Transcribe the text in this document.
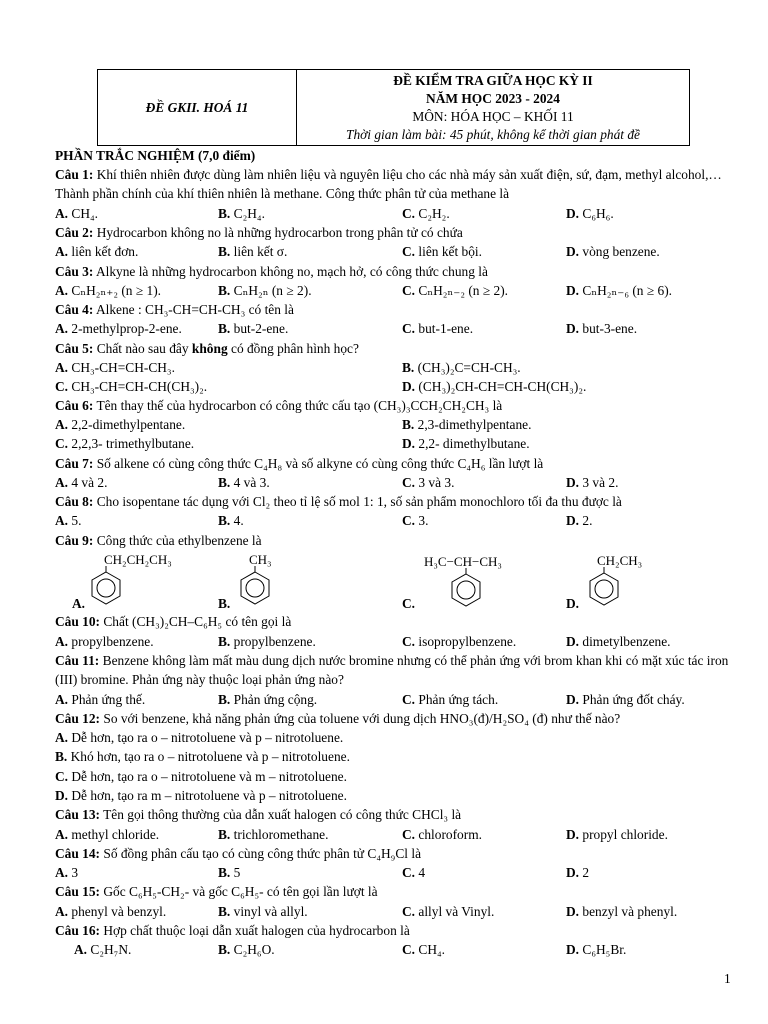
ĐỀ GKII. HOÁ 11	
ĐỀ KIỂM TRA GIỮA HỌC KỲ II
NĂM HỌC 2023 - 2024
MÔN: HÓA HỌC – KHỐI 11
Thời gian làm bài: 45 phút, không kể thời gian phát đề
PHẦN TRẮC NGHIỆM (7,0 điểm)
Câu 1: Khí thiên nhiên được dùng làm nhiên liệu và nguyên liệu cho các nhà máy sản xuất điện, sứ, đạm, methyl alcohol,…Thành phần chính của khí thiên nhiên là methane. Công thức phân tử của methane là
A. CH₄.	B. C₂H₄.	C. C₂H₂.	D. C₆H₆.
Câu 2: Hydrocarbon không no là những hydrocarbon trong phân tử có chứa
A. liên kết đơn.	B. liên kết σ.	C. liên kết bội.	D. vòng benzene.
Câu 3: Alkyne là những hydrocarbon không no, mạch hở, có công thức chung là
A. CₙH₂ₙ₊₂ (n ≥ 1).	B. CₙH₂ₙ (n ≥ 2).	C. CₙH₂ₙ₋₂ (n ≥ 2).	D. CₙH₂ₙ₋₆ (n ≥ 6).
Câu 4: Alkene : CH₃-CH=CH-CH₃ có tên là
A. 2-methylprop-2-ene.	B. but-2-ene.	C. but-1-ene.	D. but-3-ene.
Câu 5: Chất nào sau đây không có đồng phân hình học?
A. CH₃-CH=CH-CH₃.	B. (CH₃)₂C=CH-CH₃.
C. CH₃-CH=CH-CH(CH₃)₂.	D. (CH₃)₂CH-CH=CH-CH(CH₃)₂.
Câu 6: Tên thay thế của hydrocarbon có công thức cấu tạo (CH₃)₃CCH₂CH₂CH₃ là
A. 2,2-dimethylpentane.	B. 2,3-dimethylpentane.
C. 2,2,3- trimethylbutane.	D. 2,2- dimethylbutane.
Câu 7: Số alkene có cùng công thức C₄H₈ và số alkyne có cùng công thức C₄H₆ lần lượt là
A. 4 và 2.	B. 4 và 3.	C. 3 và 3.	D. 3 và 2.
Câu 8: Cho isopentane tác dụng với Cl₂ theo tỉ lệ số mol 1: 1, số sản phẩm monochloro tối đa thu được là
A. 5.	B. 4.	C. 3.	D. 2.
Câu 9: Công thức của ethylbenzene là
CH₂CH₂CH₃
A.
CH₃
B.
H₃C−CH−CH₃
C.
CH₂CH₃
D.
Câu 10: Chất (CH₃)₂CH–C₆H₅ có tên gọi là
A. propylbenzene.	B. propylbenzene.	C. isopropylbenzene.	D. dimetylbenzene.
Câu 11: Benzene không làm mất màu dung dịch nước bromine nhưng có thể phản ứng với brom khan khi có mặt xúc tác iron (III) bromine. Phản ứng này thuộc loại phản ứng nào?
A. Phản ứng thế.	B. Phản ứng cộng.	C. Phản ứng tách.	D. Phản ứng đốt cháy.
Câu 12: So với benzene, khả năng phản ứng của toluene với dung dịch HNO₃(đ)/H₂SO₄ (đ) như thế nào?
A. Dễ hơn, tạo ra o – nitrotoluene và p – nitrotoluene.
B. Khó hơn, tạo ra o – nitrotoluene và p – nitrotoluene.
C. Dễ hơn, tạo ra o – nitrotoluene và m – nitrotoluene.
D. Dễ hơn, tạo ra m – nitrotoluene và p – nitrotoluene.
Câu 13: Tên gọi thông thường của dẫn xuất halogen có công thức CHCl₃ là
A. methyl chloride.	B. trichloromethane.	C. chloroform.	D. propyl chloride.
Câu 14: Số đồng phân cấu tạo có cùng công thức phân tử C₄H₉Cl là
A. 3	B. 5	C. 4	D. 2
Câu 15: Gốc C₆H₅-CH₂- và gốc C₆H₅- có tên gọi lần lượt là
A. phenyl và benzyl.	B. vinyl và allyl.	C. allyl và Vinyl.	D. benzyl và phenyl.
Câu 16: Hợp chất thuộc loại dẫn xuất halogen của hydrocarbon là
A. C₂H₇N.	B. C₂H₆O.	C. CH₄.	D. C₆H₅Br.
1
